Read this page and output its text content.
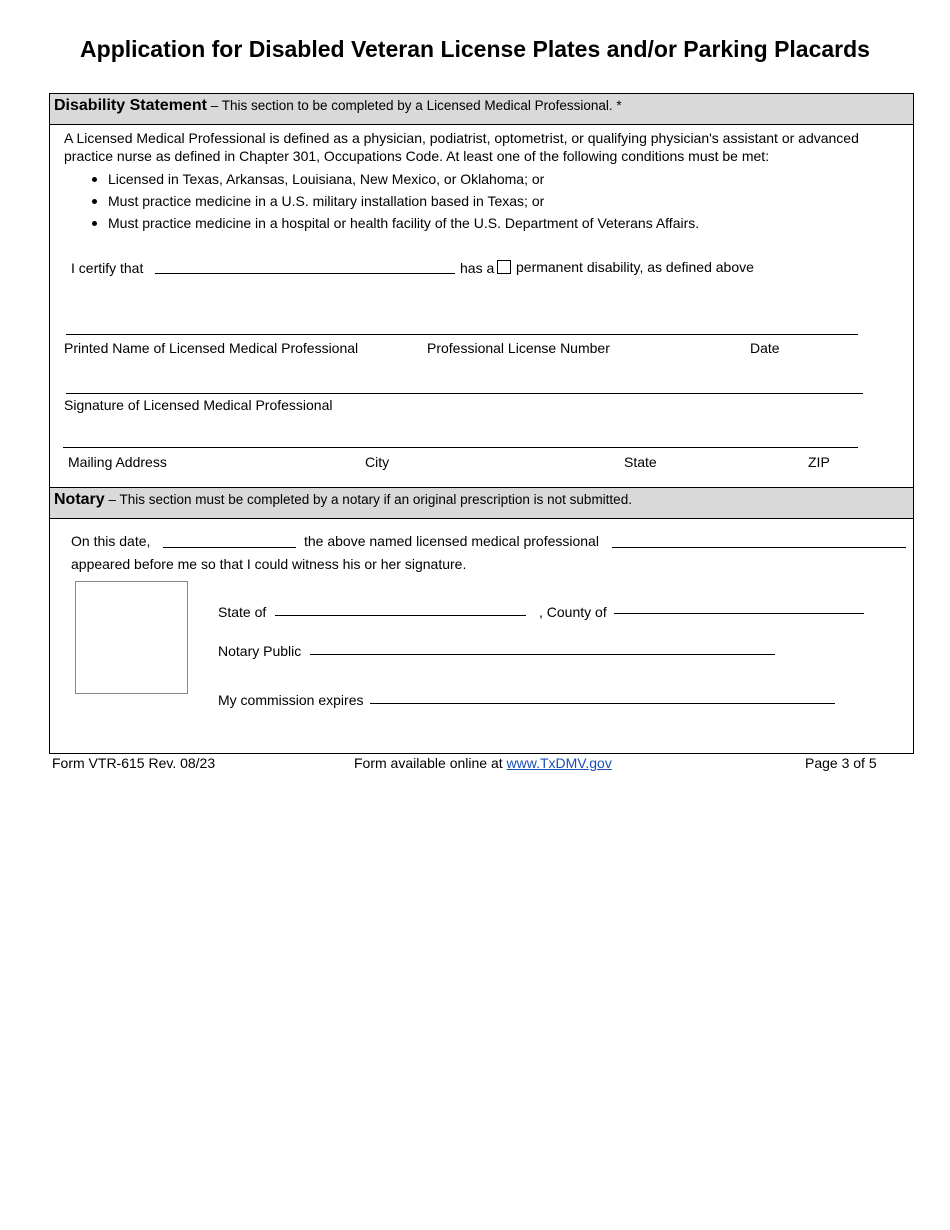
Application for Disabled Veteran License Plates and/or Parking Placards
Disability Statement – This section to be completed by a Licensed Medical Professional. *
A Licensed Medical Professional is defined as a physician, podiatrist, optometrist, or qualifying physician's assistant or advanced
practice nurse as defined in Chapter 301, Occupations Code. At least one of the following conditions must be met:
Licensed in Texas, Arkansas, Louisiana, New Mexico, or Oklahoma; or
Must practice medicine in a U.S. military installation based in Texas; or
Must practice medicine in a hospital or health facility of the U.S. Department of Veterans Affairs.
I certify that	has a permanent disability, as defined above
Printed Name of Licensed Medical Professional	Professional License Number	Date
Signature of Licensed Medical Professional
Mailing Address	City	State	ZIP
Notary – This section must be completed by a notary if an original prescription is not submitted.
On this date,	the above named licensed medical professional
appeared before me so that I could witness his or her signature.
State of	, County of
Notary Public
My commission expires
Form VTR-615 Rev. 08/23	Form available online at www.TxDMV.gov	Page 3 of 5
